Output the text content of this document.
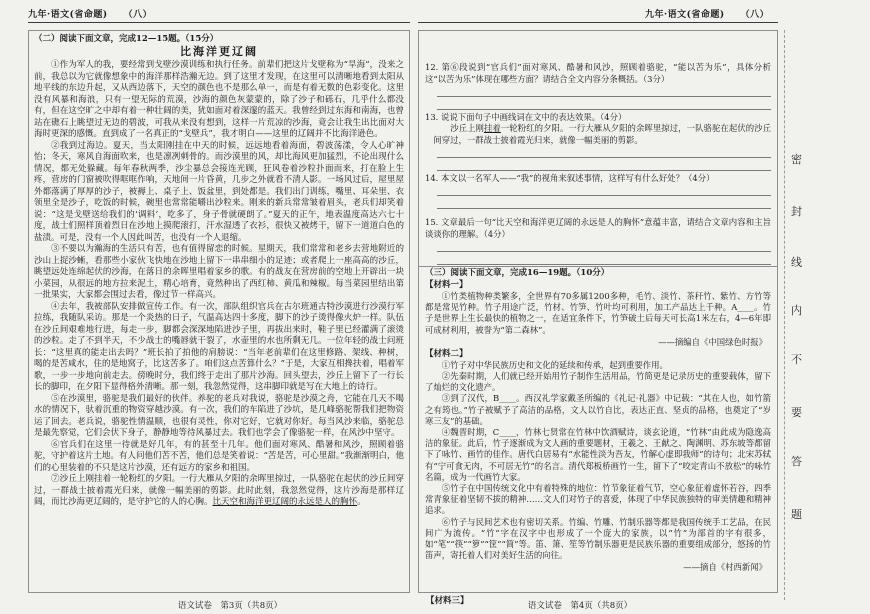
九年·语文(省命题) （八）	九年·语文(省命题) （八）

（二）阅读下面文章，完成12—15题。（15分）

比海洋更辽阔

①作为军人的我，要经常到戈壁沙漠训练和执行任务。前辈们把这片戈壁称为“旱海”，没来之前，我总以为它就像想象中的海洋那样浩瀚无边。到了这里才发现，在这里可以清晰地看到太阳从地平线的东边升起，又从西边落下，天空的颜色也不是那么单一，而是有着无数的色彩变化。这里没有风暴和海浪，只有一望无际的荒漠，沙海的颜色灰蒙蒙的，除了沙子和砾石，几乎什么都没有，但在这空旷之中却有着一种壮阔的美，犹如面对着深邃的蓝天。我曾经到过东海和南海，也曾站在礁石上眺望过无边的碧波，可我从来没有想到，这样一片荒凉的沙海，竟会让我生出比面对大海时更深的感慨。直到成了一名真正的“戈壁兵”，我才明白——这里的辽阔并不比海洋逊色。

②我到过海边。夏天，当太阳刚挂在中天的时候，远远地看着海面，碧波荡漾，令人心旷神怡；冬天，寒风自海面吹来，也是凛冽刺骨的。而沙漠里的风，却比海风更加猛烈，不论出现什么情况，都无处躲藏。每年春秋两季，沙尘暴总会接连光顾，狂风卷着沙粒扑面而来，打在脸上生疼，营房的门窗被吹得哐哐作响，天地间一片昏黄，几步之外就看不清人影。一场风过后，屋里屋外都落满了厚厚的沙子，被褥上、桌子上、饭盆里，到处都是。我们出门训练，嘴里、耳朵里、衣领里全是沙子，吃饭的时候，碗里也常常能嚼出沙粒来。刚来的新兵常常皱着眉头，老兵们却笑着说：“这是戈壁送给我们的‘调料’，吃多了，身子骨就硬朗了。”夏天的正午，地表温度高达六七十度，战士们照样顶着烈日在沙地上摸爬滚打，汗水湿透了衣衫，很快又被烤干，留下一道道白色的盐渍。可是，没有一个人因此叫苦，也没有一个人退缩。

③不要以为瀚海的生活只有苦，也有值得留恋的时候。星期天，我们常常和老乡去营地附近的沙山上捉沙蜥，看那些小家伙飞快地在沙地上留下一串串细小的足迹；或者爬上一座高高的沙丘，眺望远处连绵起伏的沙海，在落日的余晖里唱着家乡的歌。有的战友在营房前的空地上开辟出一块小菜园，从很远的地方拉来泥土，精心培育，竟然种出了西红柿、黄瓜和辣椒。每当菜园里结出第一批果实，大家都会围过去看，像过节一样高兴。

④去年，我被部队安排做宣传工作。有一次，部队组织官兵在古尔班通古特沙漠进行沙漠行军拉练，我随队采访。那是一个炎热的日子，气温高达四十多度，脚下的沙子烫得像火炉一样。队伍在沙丘间艰难地行进，每走一步，脚都会深深地陷进沙子里，再拔出来时，鞋子里已经灌满了滚烫的沙粒。走了不到半天，不少战士的嘴唇就干裂了，水壶里的水也所剩无几。一位年轻的战士问班长：“这里真的能走出去吗？”班长拍了拍他的肩膀说：“当年老前辈们在这里修路、架线、种树，喝的是苦咸水，住的是地窝子，比这苦多了。咱们这点苦算什么？”于是，大家互相搀扶着，唱着军歌，一步一步地向前走去。傍晚时分，我们终于走出了那片沙海。回头望去，沙丘上留下了一行长长的脚印，在夕阳下显得格外清晰。那一刻，我忽然觉得，这串脚印就是写在大地上的诗行。

⑤在沙漠里，骆驼是我们最好的伙伴。养驼的老兵对我说，骆驼是沙漠之舟，它能在几天不喝水的情况下，驮着沉重的物资穿越沙漠。有一次，我们的车陷进了沙坑，是几峰骆驼帮我们把物资运了回去。老兵说，骆驼性情温顺，也很有灵性，你对它好，它就对你好。每当风沙来临，骆驼总是最先察觉，它们会伏下身子，静静地等待风暴过去。我们也学会了像骆驼一样，在风沙中坚守。

⑥官兵们在这里一待就是好几年，有的甚至十几年。他们面对寒风、酷暑和风沙，照顾着骆驼，守护着这片土地。有人问他们苦不苦，他们总是笑着说：“苦是苦，可心里甜。”我渐渐明白，他们的心里装着的不只是这片沙漠，还有远方的家乡和祖国。

⑦沙丘上刚挂着一轮粉红的夕阳。一行大雁从夕阳的余晖里掠过，一队骆驼在起伏的沙丘间穿过，一群战士披着霞光归来，就像一幅美丽的剪影。此时此刻，我忽然觉得，这片沙海是那样辽阔，而比沙海更辽阔的，是守护它的人的心胸。比天空和海洋更辽阔的永远是人的胸怀。

12. 第⑥段说到“官兵们”面对寒风、酷暑和风沙，照顾着骆驼，“能以苦为乐”，具体分析这“以苦为乐”体现在哪些方面？请结合全文内容分条概括。（3分）

13. 说说下面句子中画线词在文中的表达效果。（4分）

沙丘上刚挂着一轮粉红的夕阳。一行大雁从夕阳的余晖里掠过，一队骆驼在起伏的沙丘间穿过，一群战士披着霞光归来，就像一幅美丽的剪影。

14. 本文以一名军人——“我”的视角来叙述事情，这样写有什么好处？（4分）

15. 文章最后一句“比天空和海洋更辽阔的永远是人的胸怀”意蕴丰富，请结合文章内容和主旨谈谈你的理解。（4分）

（三）阅读下面文章，完成16—19题。（10分）

【材料一】

①竹类植物种类繁多，全世界有70多属1200多种，毛竹、淡竹、茶秆竹、紫竹、方竹等都是常见竹种。竹子用途广泛，竹材、竹笋、竹叶均可利用，加工产品达上千种。A____。竹子是世界上生长最快的植物之一，在适宜条件下，竹笋破土后每天可长高1米左右，4—6年即可成材利用，被誉为“第二森林”。

——摘编自《中国绿色时报》

【材料二】

①竹子对中华民族历史和文化的延续和传承，起到重要作用。

②先秦时期，人们就已经开始用竹子制作生活用品，竹简更是记录历史的重要载体，留下了灿烂的文化遗产。

③到了汉代，B____。西汉礼学家戴圣所编的《礼记·礼器》中记载：“其在人也，如竹箭之有筠也。”竹子被赋予了高洁的品格，文人以竹自比，表达正直、坚贞的品格，也奠定了“岁寒三友”的基础。

④魏晋时期，C____，竹林七贤常在竹林中饮酒赋诗，谈玄论道，“竹林”由此成为隐逸高洁的象征。此后，竹子逐渐成为文人画的重要题材，王羲之、王献之、陶渊明、苏东坡等都留下了咏竹、画竹的佳作。唐代白居易有“水能性淡为吾友，竹解心虚即我师”的诗句；北宋苏轼有“宁可食无肉，不可居无竹”的名言。清代郑板桥画竹一生，留下了“咬定青山不放松”的咏竹名篇，成为一代画竹大家。

⑤竹子在中国传统文化中有着特殊的地位：竹节象征着气节，空心象征着虚怀若谷，四季常青象征着坚韧不拔的精神……文人们对竹子的喜爱，体现了中华民族独特的审美情趣和精神追求。

⑥竹子与民间艺术也有密切关系。竹编、竹雕、竹制乐器等都是我国传统手工艺品，在民间广为流传。“竹”字在汉字中也形成了一个庞大的家族，以“竹”为部首的字有很多，如“笔”“筷”“箩”“筐”“简”等。笛、箫、笙等竹制乐器更是民族乐器的重要组成部分，悠扬的竹笛声，寄托着人们对美好生活的向往。

——摘自《村西新闻》

【材料三】
语文试卷　第3页（共8页）	语文试卷　第4页（共8页）
密
封
线
内
不
要
答
题
